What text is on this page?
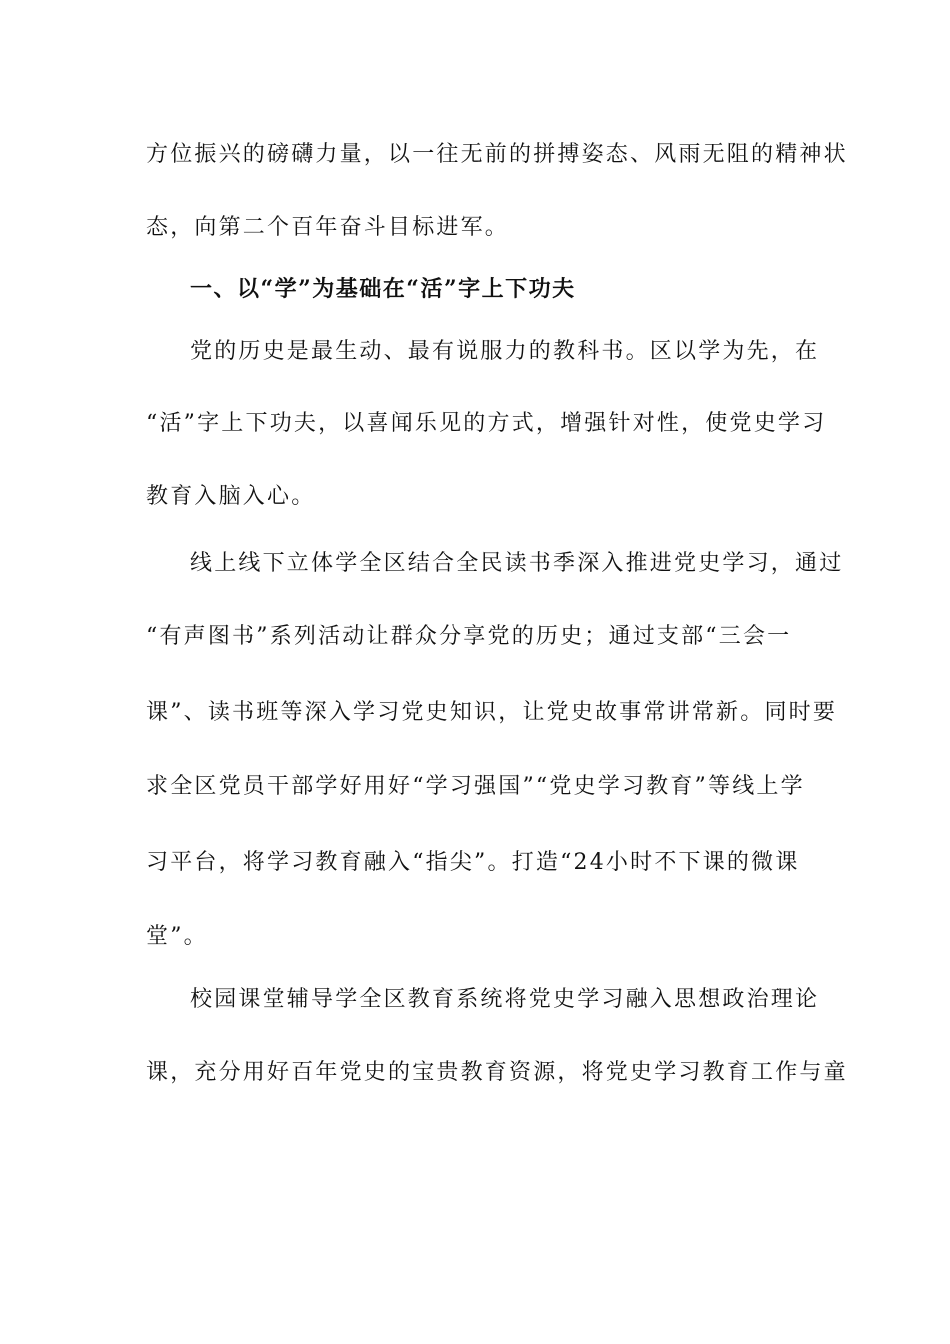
方位振兴的磅礴力量，以一往无前的拼搏姿态、风雨无阻的精神状
态，向第二个百年奋斗目标进军。
一、以“学”为基础在“活”字上下功夫
党的历史是最生动、最有说服力的教科书。区以学为先，在
“活”字上下功夫，以喜闻乐见的方式，增强针对性，使党史学习
教育入脑入心。
线上线下立体学全区结合全民读书季深入推进党史学习，通过
“有声图书”系列活动让群众分享党的历史；通过支部“三会一
课”、读书班等深入学习党史知识，让党史故事常讲常新。同时要
求全区党员干部学好用好“学习强国”“党史学习教育”等线上学
习平台，将学习教育融入“指尖”。打造“24小时不下课的微课
堂”。
校园课堂辅导学全区教育系统将党史学习融入思想政治理论
课，充分用好百年党史的宝贵教育资源，将党史学习教育工作与童
